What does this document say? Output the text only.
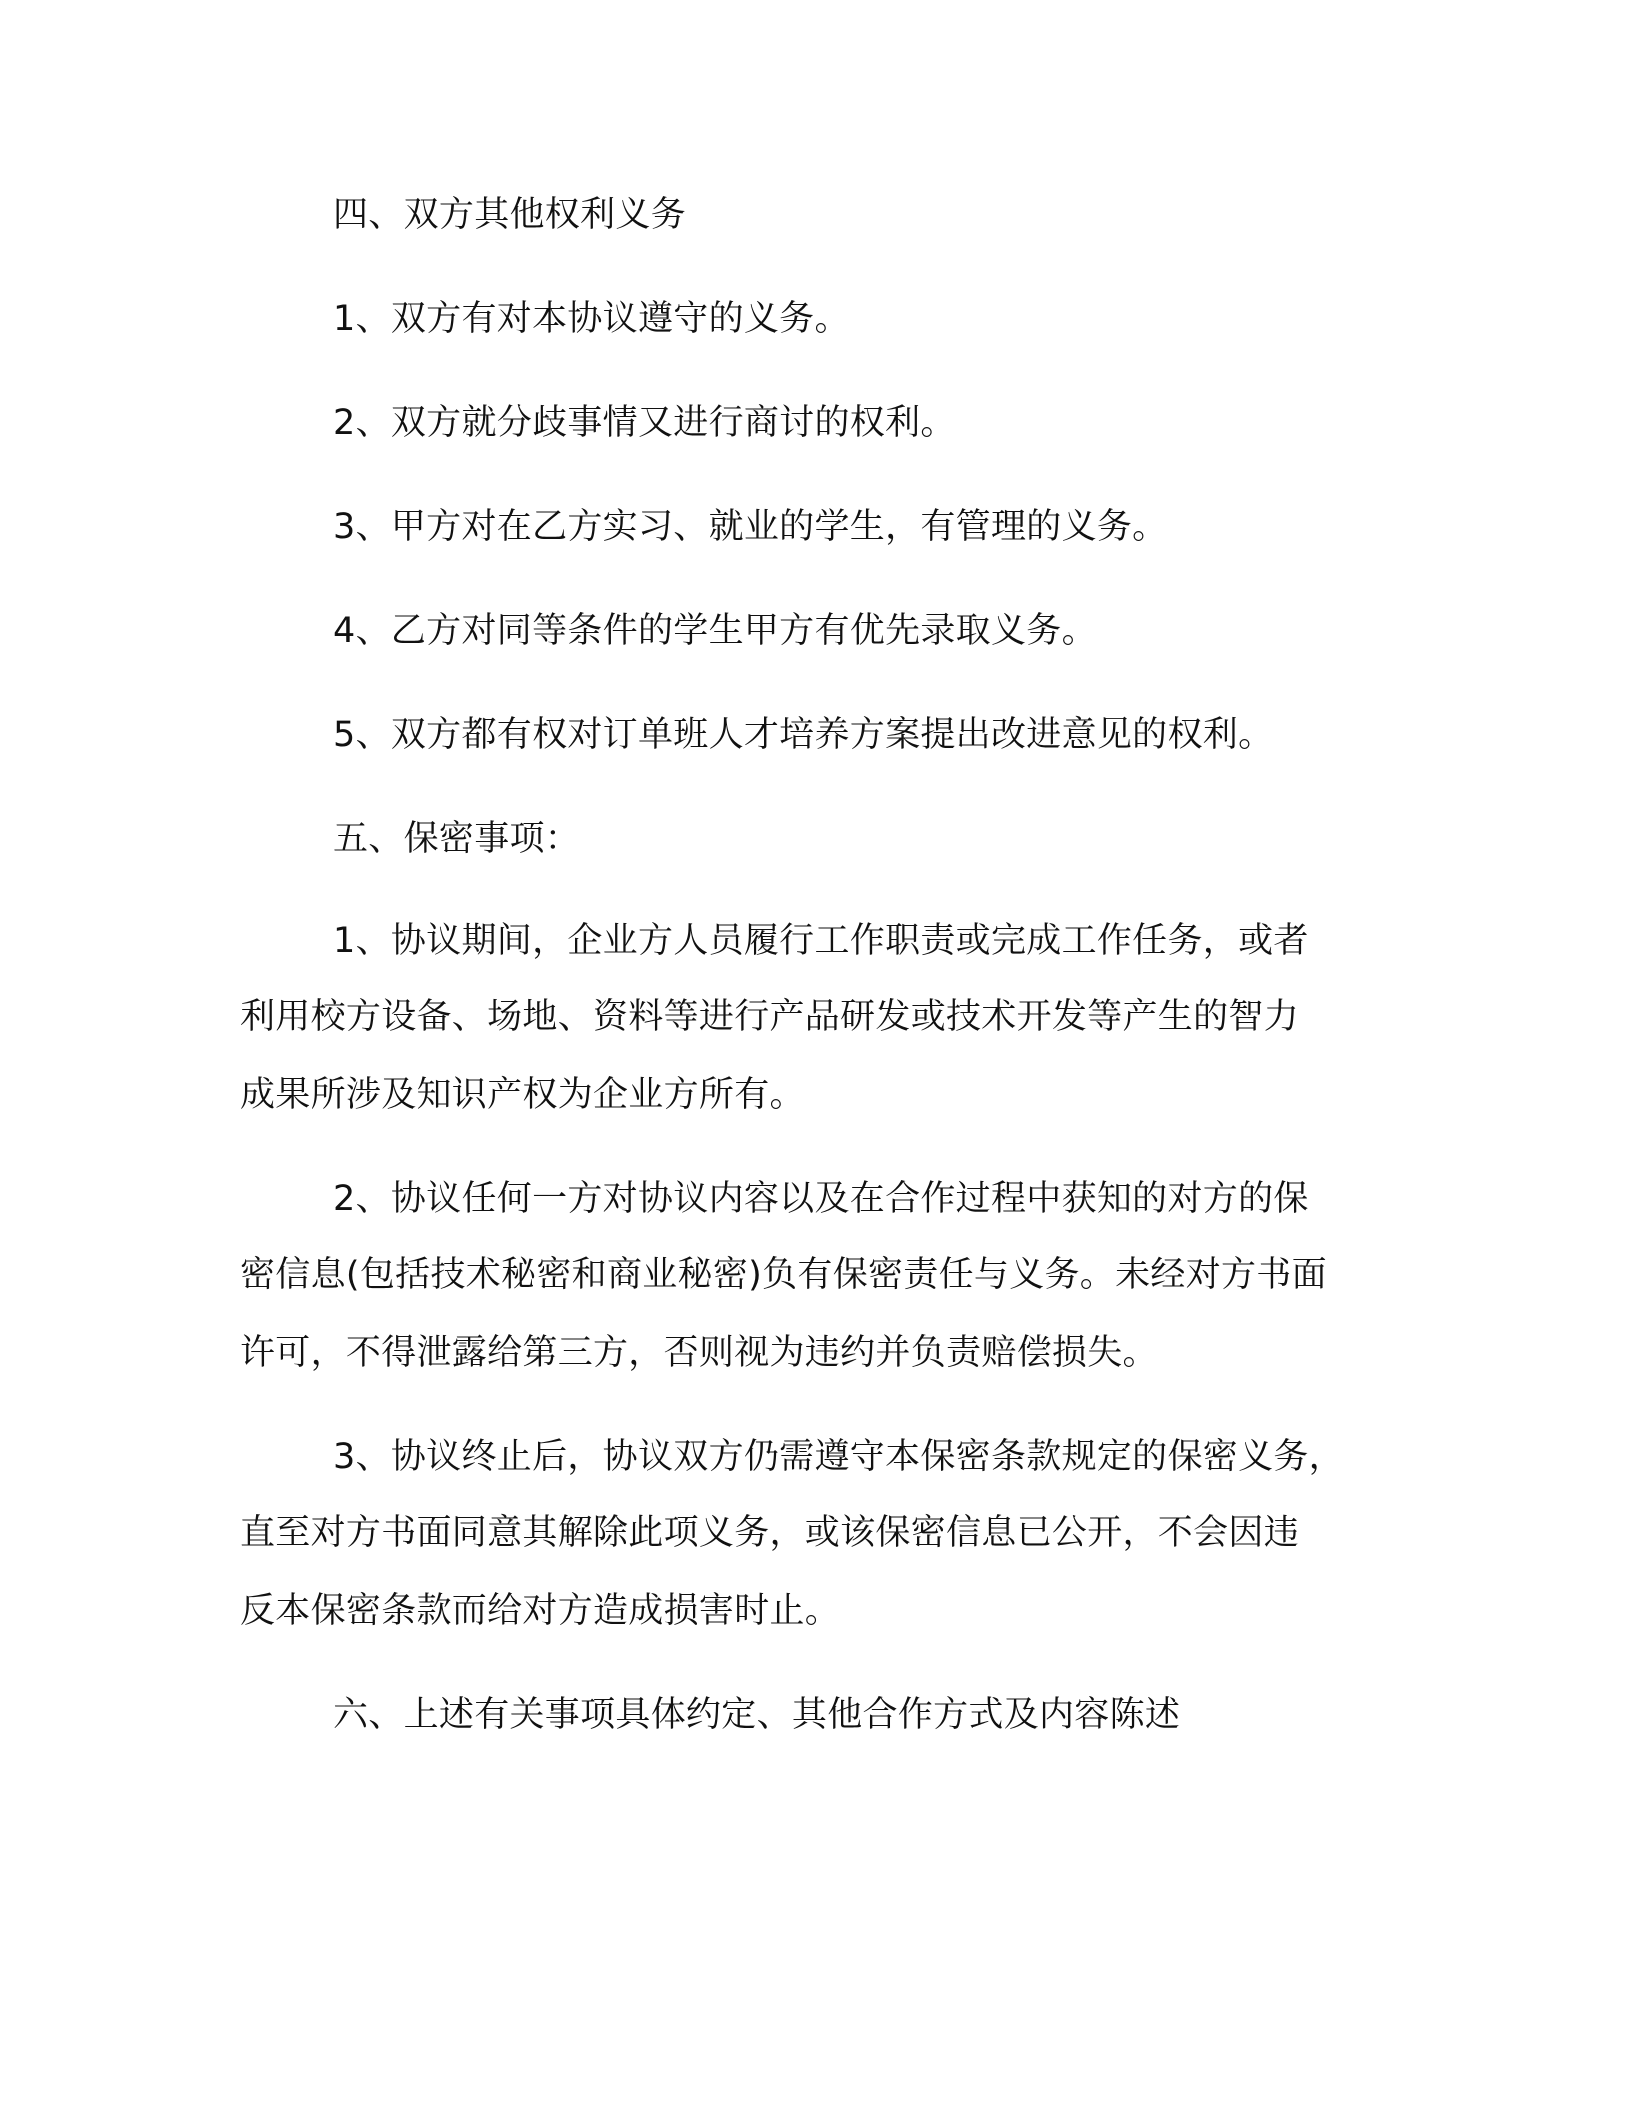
四、双方其他权利义务
1、双方有对本协议遵守的义务。
2、双方就分歧事情又进行商讨的权利。
3、甲方对在乙方实习、就业的学生，有管理的义务。
4、乙方对同等条件的学生甲方有优先录取义务。
5、双方都有权对订单班人才培养方案提出改进意见的权利。
五、保密事项：
1、协议期间，企业方人员履行工作职责或完成工作任务，或者
利用校方设备、场地、资料等进行产品研发或技术开发等产生的智力
成果所涉及知识产权为企业方所有。
2、协议任何一方对协议内容以及在合作过程中获知的对方的保
密信息(包括技术秘密和商业秘密)负有保密责任与义务。未经对方书面
许可，不得泄露给第三方，否则视为违约并负责赔偿损失。
3、协议终止后，协议双方仍需遵守本保密条款规定的保密义务，
直至对方书面同意其解除此项义务，或该保密信息已公开，不会因违
反本保密条款而给对方造成损害时止。
六、上述有关事项具体约定、其他合作方式及内容陈述
